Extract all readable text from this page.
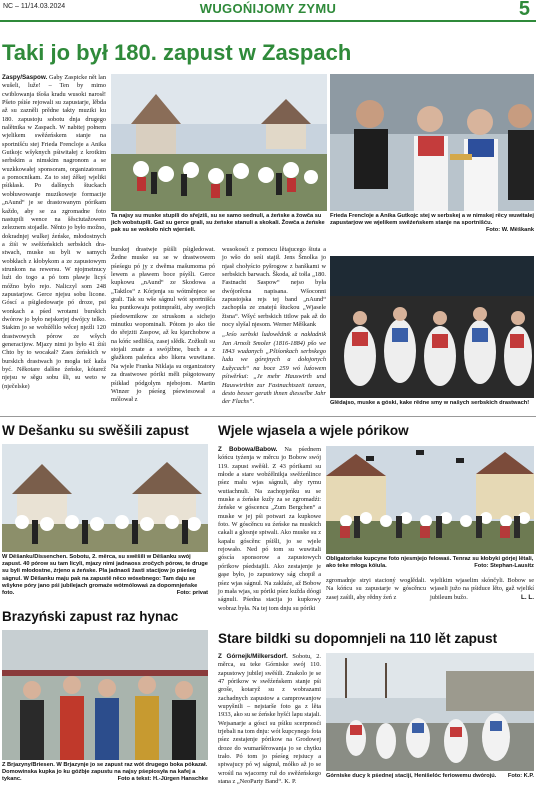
NC – 11/14.03.2024	WUGOŃIJOMY ZYMU	5
Taki jo był 180. zapust w Zaspach
Zaspy/Saspow. Gaby Zaspicke nět lan wušeli, luže! – Ten by mimo cwiblowanja tšoša kradu wusoki narosł! Pšeto pśiśe rejowali su zapustarje, lěbda až su zazněli prědne takty muziki ku 180. zapustoju sobotu dnja drugego nalětnika w Zaspach. W nabitej połnem wjelikem swěźeńskem stanje na sportnišću stej Frieda Frencloje a Anika Gutkojc wšyknych pśiwitałej z krotkim serbskim a nimskim nagronom a se wuzkkowałej sponsoram, organizatoram a pomocnikam. Za to stej źěkej wjeliki pśikłask. Po dalšnych štuckach wobłuwowanje muzikoweje formacije „nAund“ je se drastowanym pórikam každo, aby se za zgromadne foto nastupili wence na šěsciutažowem zeleznem stojadle. Něnto jo było možno, dokradnjej wulkej źeńske, młodostnych a źiśi w swěźeńskich serbskich drastwach, muske su byli w samych wobkłach z kłobykom a ze zapustowym strunkom na rewersu. W njojmetnucy luźi do togo a pó tom pławje licyś móžno było rejo. Naliczyl som 248 zapustarjow. Gerce njejsu sobu licone. Góscí a pśigledowarje pó droze, psi wonkach a pśed wrotami burskich dwórow jo było nejskerjej dwójcy telko. Stakim jo se wobźělilo wěcej njeźli 120 drastwowych pórow ze wšych generacijow. Mjazy nimi jo było 41 źiśi Chto by to wocakał? Zaes źeńskich w burskich drastwach jo mogła tež kaža być. Někotare dalšne źeńske, kótarež njejsu w sěgu sobu šli, su weto w (nječelske)
Ta najsy su muske stupili do sřejziš, su se samo sednuli, a źeńske a žowča su jich wobstupili. Gaž su gerce grali, su źeńske stanuli a skokali. Žowča a źeńske pak su se wokoło nich wjerśeli.
Frieda Frencloje a Anika Gutkojc stej w serbskej a w nimskej rěcy wuwitalej zapustarjow we wjelikem swěźeńskem stanje na sportnišću.
Foto: W. Měškank
burskej drastwje pśišli pśigledowat. Žedne muske su se w drastwowem pśeśegu pó jy z dwěma mašumoma pó lewem a pławem boce pśyšli. Gerce kupkowu „nAund“ ze Skodowa a „Taktlos“ z Kórjenja su wótměnjece se grali. Tak su wše ságnul wót sportnišća ku puntkowaju potimprašti, aby swojich pśedowmikow ze struskom a sichejo minutku wopominali. Pótom jo ako tše do sřejziti Zaspow, až ku kjarchobow a na kóńc sedlišća, zasej slědk. Zožkuli su stojali znate a swójźbne, buch a z głažkom paleńca abo likera wuwitane. Na wjele Franka Niklaja su organizatory za drastwowe póriki měli pśigotowany pśikład pódgolym njebojom. Martin Winzer jo pśeśeg pśewiesował a mólował z
wusokosći z pomocu lětajucego šiuta a jo wšo do seśi stajił. Jens Šmolka jo njasł chołyścio pyšrogow z banškami w serbskich barwach. Škoda, až tołla „180. Fastnacht Saspow“ nejso była dwójorěcna napisana. Wšoconni zapustojska rejs tej band „nAund“ zachopiła ze znatejú štuckou „Wjasele žisna“. Wšyć serbskich titlow pak až do nocy slyšal njesom. Werner Měškank
„Jeśo serbski ludowědnik a nakładnik Jan Arnošt Smoler (1816-1884) pšo we 1843 wudanych „Pšiśonkach serbskego ludu we górejnych a dołojonych Łužycach“ na boce 259 wó luźowem pśiwěrkui: „Je mehr Hauswirth und Hauswirthin zur Fastnachtszeit tanzen, desto besser gerath ihnen diesselbe Jahr der Flachs“.	Glědajso, muske a góski, kake rědne smy w našych serbskich drastwach!
W Dešanku su swěšili zapust
W Děšanku/Dissenchen. Sobotu, 2. měrca, su swěšili w Děšanku swój zapust. 40 pórow su tam licyli, mjazy nimi jadnaoss zročych pórow, te druge su byli młodostne, źrjeno a źeńske. Pla jadnaoš žasti stacijow jo pśeśeg ságnul. W Děšanku maju pak na zapustě něco wósebnego: Tam daju se wšykne póry jano pśi jubilejach gromaźe wótmólowaś za dopomnjeńske foto.	Foto: privat
Brazyński zapust raz hynac
Z Brjazyny/Briesen. W Brjazynje jo se zapust raz wót drugego boka pókazał. Domowinska kupka jo ku góźbje zapustu na najsy pśepiosyła na kafej a tykanc.	Foto a tekst: H.-Jürgen Hanschke
Wjele wjasela a wjele pórikow
Z Bobowa/Babow. Na pśednem kóńcu tyźenja w měrcu jo Bobow swój 119. zapust swěśił. Z 43 pórikami su młode a stare wobźělnikja swěźeńlince pśez malu wjas ságnuli, aby rymu wutiachnuli. Na zachopjeńku su se muske a źeńske kužy za se zgromadźi: źeńske w góscencu „Zum Bergchen“ a muske w jej pśi potwari za kupkowe foto. W góscěncu su źeńske na muskich cakali a glosnje spiwali. Ako muske su z kapalu góscěnc pśišli, jo se wjele rejowało. Ned pó tom su wuwitali góscía sponsorow a zapustowych pórikow pśedstajili. Ako zestajenje je ga̧se było, jo zapustowy ság chopił a pśez wjas ságnul. Na zakłaźe, až Bobow jo mała wjas, su póriki pśez kužda dóogi ságnuli. Pśedna stacija jo kupkowy wobraz była. Na tej tom dnju su póriki
Obligatoriske kupcyne foto njesmjejo felowaś. Tenraz su kłobyki górjej lětali, ako teke młoga kóiula.	Foto: Stephan-Lausitz
zgromadnje stryi stacioný woglědali. Na kóńcu su zapustarje w góscěncu zasej zaśili, aby rědny źeń z
wjelikim wjaselim skónčyli. Bobow se wjaseli južo na pśiduce lěto, gaž wjelikí jubileum bužo.	L. L.
Stare bildki su dopomnjeli na 110 lět zapust
Z Górnejk/Milkersdorf. Sobotu, 2. měrca, su teke Górniske swój 110. zapustowy jubilej swěśili. Znakolo je se 47 pórikow w swěźeńskem stanje pśi groše, kotaryž su z wobrazami zachadnych zapustow a camprowanjow wupyšnili – nejstarše foto ga z lěta 1933, ako su se źeńske hyšći lapu stajali. Wejsanarje a gósci su pśiku scerpnosći trjebali na tom dnju: wót kupcynego fota pśez zestajenje pórikow na Grodowej droze do wumaršěrowanja jo se chytku trało. Pó tom jo pśeśeg rejsiucy a spiwajucy pó wj ságnuł, mółko až jo se wrośil na wjacorny ruł do swěźeńskego stana z „NeoParty Band“. K. P.
Górniske ducy k pśednej stacijí, Henišelóc feriowemu dwórojú. Foto: K.P.
